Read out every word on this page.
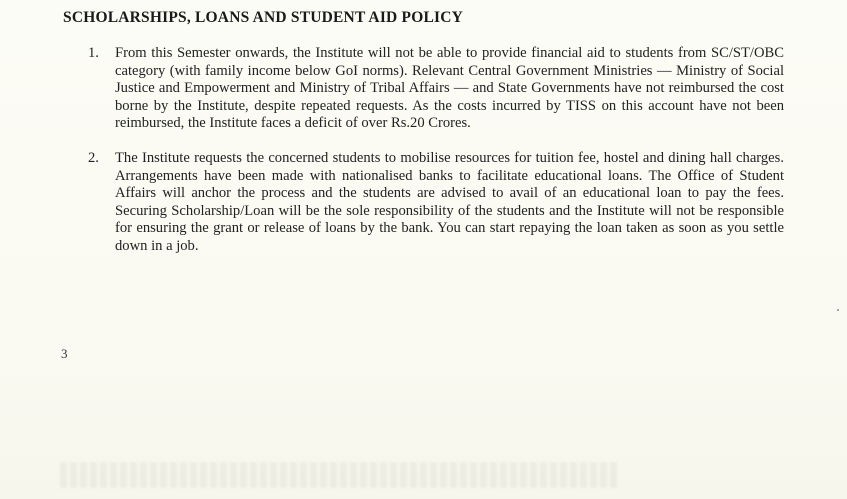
SCHOLARSHIPS, LOANS AND STUDENT AID POLICY
1. From this Semester onwards, the Institute will not be able to provide financial aid to students from SC/ST/OBC category (with family income below GoI norms). Relevant Central Government Ministries — Ministry of Social Justice and Empowerment and Ministry of Tribal Affairs — and State Governments have not reimbursed the cost borne by the Institute, despite repeated requests. As the costs incurred by TISS on this account have not been reimbursed, the Institute faces a deficit of over Rs.20 Crores.
2. The Institute requests the concerned students to mobilise resources for tuition fee, hostel and dining hall charges. Arrangements have been made with nationalised banks to facilitate educational loans. The Office of Student Affairs will anchor the process and the students are advised to avail of an educational loan to pay the fees. Securing Scholarship/Loan will be the sole responsibility of the students and the Institute will not be responsible for ensuring the grant or release of loans by the bank. You can start repaying the loan taken as soon as you settle down in a job.
3
